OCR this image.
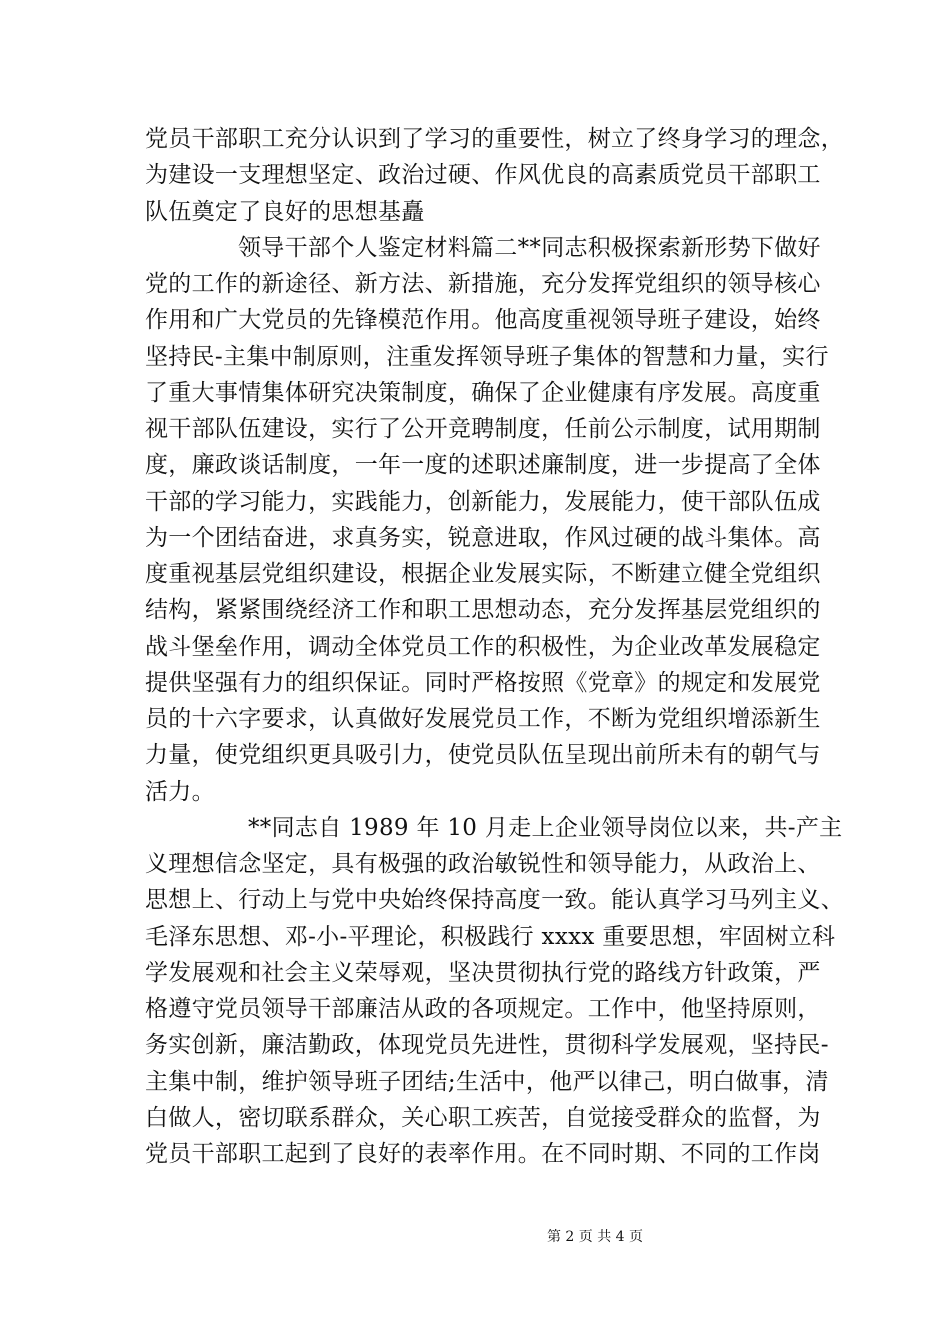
党员干部职工充分认识到了学习的重要性，树立了终身学习的理念，
为建设一支理想坚定、政治过硬、作风优良的高素质党员干部职工
队伍奠定了良好的思想基矗
领导干部个人鉴定材料篇二**同志积极探索新形势下做好
党的工作的新途径、新方法、新措施，充分发挥党组织的领导核心
作用和广大党员的先锋模范作用。他高度重视领导班子建设，始终
坚持民-主集中制原则，注重发挥领导班子集体的智慧和力量，实行
了重大事情集体研究决策制度，确保了企业健康有序发展。高度重
视干部队伍建设，实行了公开竞聘制度，任前公示制度，试用期制
度，廉政谈话制度，一年一度的述职述廉制度，进一步提高了全体
干部的学习能力，实践能力，创新能力，发展能力，使干部队伍成
为一个团结奋进，求真务实，锐意进取，作风过硬的战斗集体。高
度重视基层党组织建设，根据企业发展实际，不断建立健全党组织
结构，紧紧围绕经济工作和职工思想动态，充分发挥基层党组织的
战斗堡垒作用，调动全体党员工作的积极性，为企业改革发展稳定
提供坚强有力的组织保证。同时严格按照《党章》的规定和发展党
员的十六字要求，认真做好发展党员工作，不断为党组织增添新生
力量，使党组织更具吸引力，使党员队伍呈现出前所未有的朝气与
活力。
**同志自 1989 年 10 月走上企业领导岗位以来，共-产主
义理想信念坚定，具有极强的政治敏锐性和领导能力，从政治上、
思想上、行动上与党中央始终保持高度一致。能认真学习马列主义、
毛泽东思想、邓-小-平理论，积极践行 xxxx 重要思想，牢固树立科
学发展观和社会主义荣辱观，坚决贯彻执行党的路线方针政策，严
格遵守党员领导干部廉洁从政的各项规定。工作中，他坚持原则，
务实创新，廉洁勤政，体现党员先进性，贯彻科学发展观，坚持民-
主集中制，维护领导班子团结;生活中，他严以律己，明白做事，清
白做人，密切联系群众，关心职工疾苦，自觉接受群众的监督，为
党员干部职工起到了良好的表率作用。在不同时期、不同的工作岗
第 2 页 共 4 页
